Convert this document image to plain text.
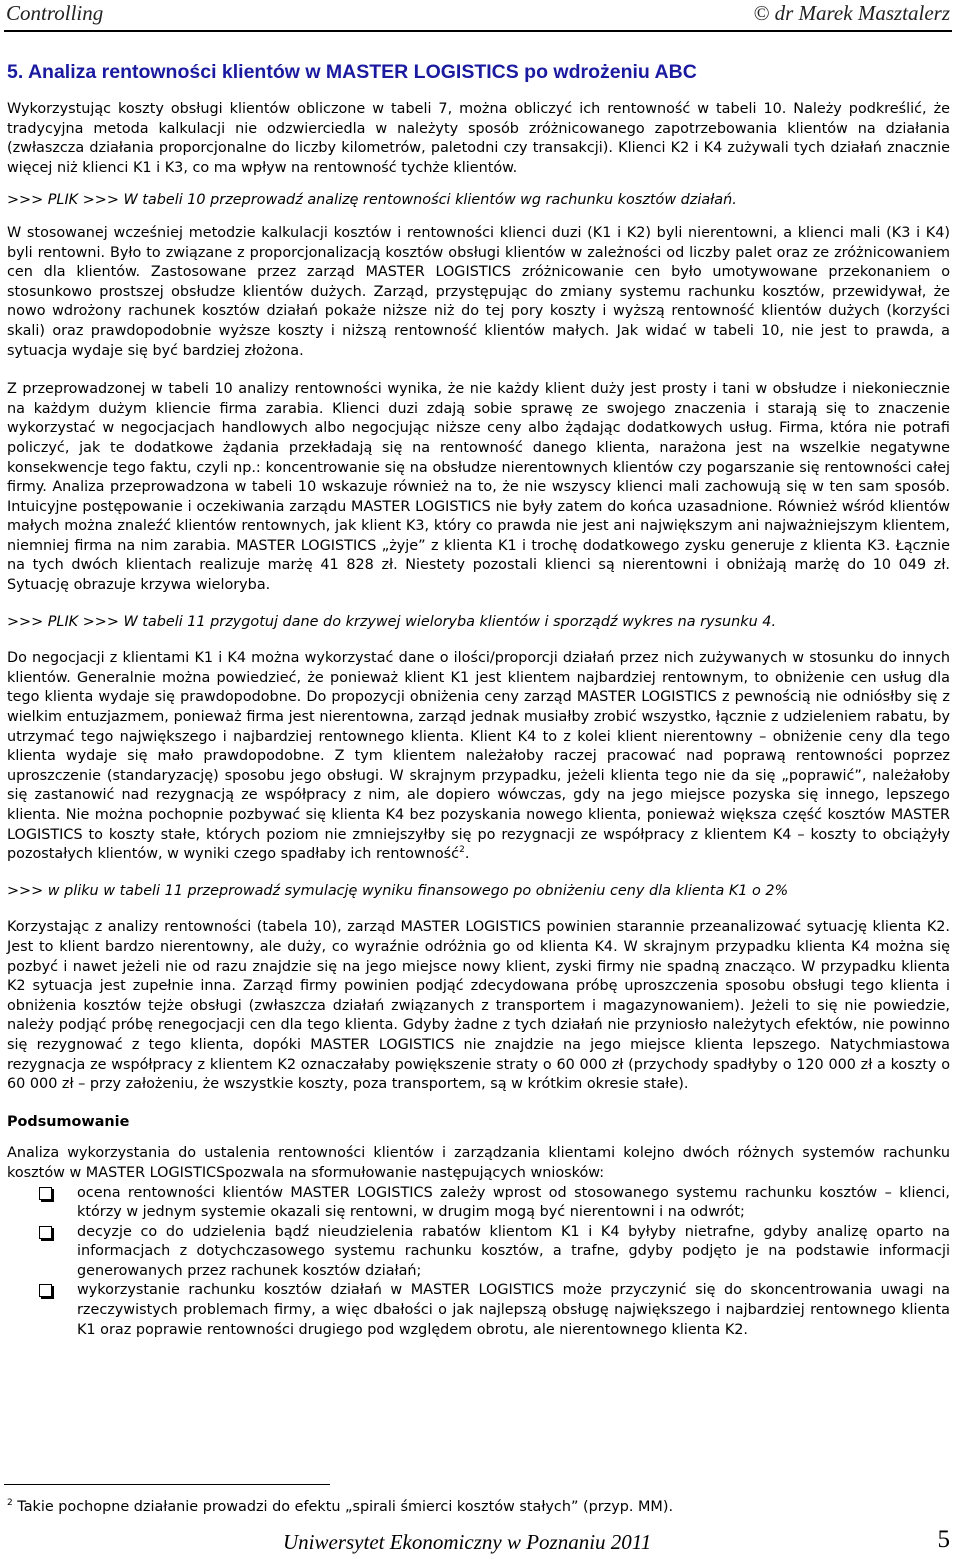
Controlling	© dr Marek Masztalerz
5. Analiza rentowności klientów w MASTER LOGISTICS po wdrożeniu ABC

Wykorzystując koszty obsługi klientów obliczone w tabeli 7, można obliczyć ich rentowność w tabeli 10. Należy podkreślić, że tradycyjna metoda kalkulacji nie odzwierciedla w należyty sposób zróżnicowanego zapotrzebowania klientów na działania (zwłaszcza działania proporcjonalne do liczby kilometrów, paletodni czy transakcji). Klienci K2 i K4 zużywali tych działań znacznie więcej niż klienci K1 i K3, co ma wpływ na rentowność tychże klientów.

>>> PLIK >>> W tabeli 10 przeprowadź analizę rentowności klientów wg rachunku kosztów działań.

W stosowanej wcześniej metodzie kalkulacji kosztów i rentowności klienci duzi (K1 i K2) byli nierentowni, a klienci mali (K3 i K4) byli rentowni. Było to związane z proporcjonalizacją kosztów obsługi klientów w zależności od liczby palet oraz ze zróżnicowaniem cen dla klientów. Zastosowane przez zarząd MASTER LOGISTICS zróżnicowanie cen było umotywowane przekonaniem o stosunkowo prostszej obsłudze klientów dużych. Zarząd, przystępując do zmiany systemu rachunku kosztów, przewidywał, że nowo wdrożony rachunek kosztów działań pokaże niższe niż do tej pory koszty i wyższą rentowność klientów dużych (korzyści skali) oraz prawdopodobnie wyższe koszty i niższą rentowność klientów małych. Jak widać w tabeli 10, nie jest to prawda, a sytuacja wydaje się być bardziej złożona.

Z przeprowadzonej w tabeli 10 analizy rentowności wynika, że nie każdy klient duży jest prosty i tani w obsłudze i niekoniecznie na każdym dużym kliencie firma zarabia. Klienci duzi zdają sobie sprawę ze swojego znaczenia i starają się to znaczenie wykorzystać w negocjacjach handlowych albo negocjując niższe ceny albo żądając dodatkowych usług. Firma, która nie potrafi policzyć, jak te dodatkowe żądania przekładają się na rentowność danego klienta, narażona jest na wszelkie negatywne konsekwencje tego faktu, czyli np.: koncentrowanie się na obsłudze nierentownych klientów czy pogarszanie się rentowności całej firmy. Analiza przeprowadzona w tabeli 10 wskazuje również na to, że nie wszyscy klienci mali zachowują się w ten sam sposób. Intuicyjne postępowanie i oczekiwania zarządu MASTER LOGISTICS nie były zatem do końca uzasadnione. Również wśród klientów małych można znaleźć klientów rentownych, jak klient K3, który co prawda nie jest ani największym ani najważniejszym klientem, niemniej firma na nim zarabia. MASTER LOGISTICS „żyje” z klienta K1 i trochę dodatkowego zysku generuje z klienta K3. Łącznie na tych dwóch klientach realizuje marżę 41 828 zł. Niestety pozostali klienci są nierentowni i obniżają marżę do 10 049 zł. Sytuację obrazuje krzywa wieloryba.

>>> PLIK >>> W tabeli 11 przygotuj dane do krzywej wieloryba klientów i sporządź wykres na rysunku 4.

Do negocjacji z klientami K1 i K4 można wykorzystać dane o ilości/proporcji działań przez nich zużywanych w stosunku do innych klientów. Generalnie można powiedzieć, że ponieważ klient K1 jest klientem najbardziej rentownym, to obniżenie cen usług dla tego klienta wydaje się prawdopodobne. Do propozycji obniżenia ceny zarząd MASTER LOGISTICS z pewnością nie odniósłby się z wielkim entuzjazmem, ponieważ firma jest nierentowna, zarząd jednak musiałby zrobić wszystko, łącznie z udzieleniem rabatu, by utrzymać tego największego i najbardziej rentownego klienta. Klient K4 to z kolei klient nierentowny – obniżenie ceny dla tego klienta wydaje się mało prawdopodobne. Z tym klientem należałoby raczej pracować nad poprawą rentowności poprzez uproszczenie (standaryzację) sposobu jego obsługi. W skrajnym przypadku, jeżeli klienta tego nie da się „poprawić”, należałoby się zastanowić nad rezygnacją ze współpracy z nim, ale dopiero wówczas, gdy na jego miejsce pozyska się innego, lepszego klienta. Nie można pochopnie pozbywać się klienta K4 bez pozyskania nowego klienta, ponieważ większa część kosztów MASTER LOGISTICS to koszty stałe, których poziom nie zmniejszyłby się po rezygnacji ze współpracy z klientem K4 – koszty to obciążyły pozostałych klientów, w wyniki czego spadłaby ich rentowność$^2$.

>>> w pliku w tabeli 11 przeprowadź symulację wyniku finansowego po obniżeniu ceny dla klienta K1 o 2%

Korzystając z analizy rentowności (tabela 10), zarząd MASTER LOGISTICS powinien starannie przeanalizować sytuację klienta K2. Jest to klient bardzo nierentowny, ale duży, co wyraźnie odróżnia go od klienta K4. W skrajnym przypadku klienta K4 można się pozbyć i nawet jeżeli nie od razu znajdzie się na jego miejsce nowy klient, zyski firmy nie spadną znacząco. W przypadku klienta K2 sytuacja jest zupełnie inna. Zarząd firmy powinien podjąć zdecydowana próbę uproszczenia sposobu obsługi tego klienta i obniżenia kosztów tejże obsługi (zwłaszcza działań związanych z transportem i magazynowaniem). Jeżeli to się nie powiedzie, należy podjąć próbę renegocjacji cen dla tego klienta. Gdyby żadne z tych działań nie przyniosło należytych efektów, nie powinno się rezygnować z tego klienta, dopóki MASTER LOGISTICS nie znajdzie na jego miejsce klienta lepszego. Natychmiastowa rezygnacja ze współpracy z klientem K2 oznaczałaby powiększenie straty o 60 000 zł (przychody spadłyby o 120 000 zł a koszty o 60 000 zł – przy założeniu, że wszystkie koszty, poza transportem, są w krótkim okresie stałe).

Podsumowanie

Analiza wykorzystania do ustalenia rentowności klientów i zarządzania klientami kolejno dwóch różnych systemów rachunku kosztów w MASTER LOGISTICSpozwala na sformułowanie następujących wniosków:

ocena rentowności klientów MASTER LOGISTICS zależy wprost od stosowanego systemu rachunku kosztów – klienci, którzy w jednym systemie okazali się rentowni, w drugim mogą być nierentowni i na odwrót;
decyzje co do udzielenia bądź nieudzielenia rabatów klientom K1 i K4 byłyby nietrafne, gdyby analizę oparto na informacjach z dotychczasowego systemu rachunku kosztów, a trafne, gdyby podjęto je na podstawie informacji generowanych przez rachunek kosztów działań;
wykorzystanie rachunku kosztów działań w MASTER LOGISTICS może przyczynić się do skoncentrowania uwagi na rzeczywistych problemach firmy, a więc dbałości o jak najlepszą obsługę największego i najbardziej rentownego klienta K1 oraz poprawie rentowności drugiego pod względem obrotu, ale nierentownego klienta K2.
$^2$ Takie pochopne działanie prowadzi do efektu „spirali śmierci kosztów stałych” (przyp. MM).
Uniwersytet Ekonomiczny w Poznaniu 2011	5
